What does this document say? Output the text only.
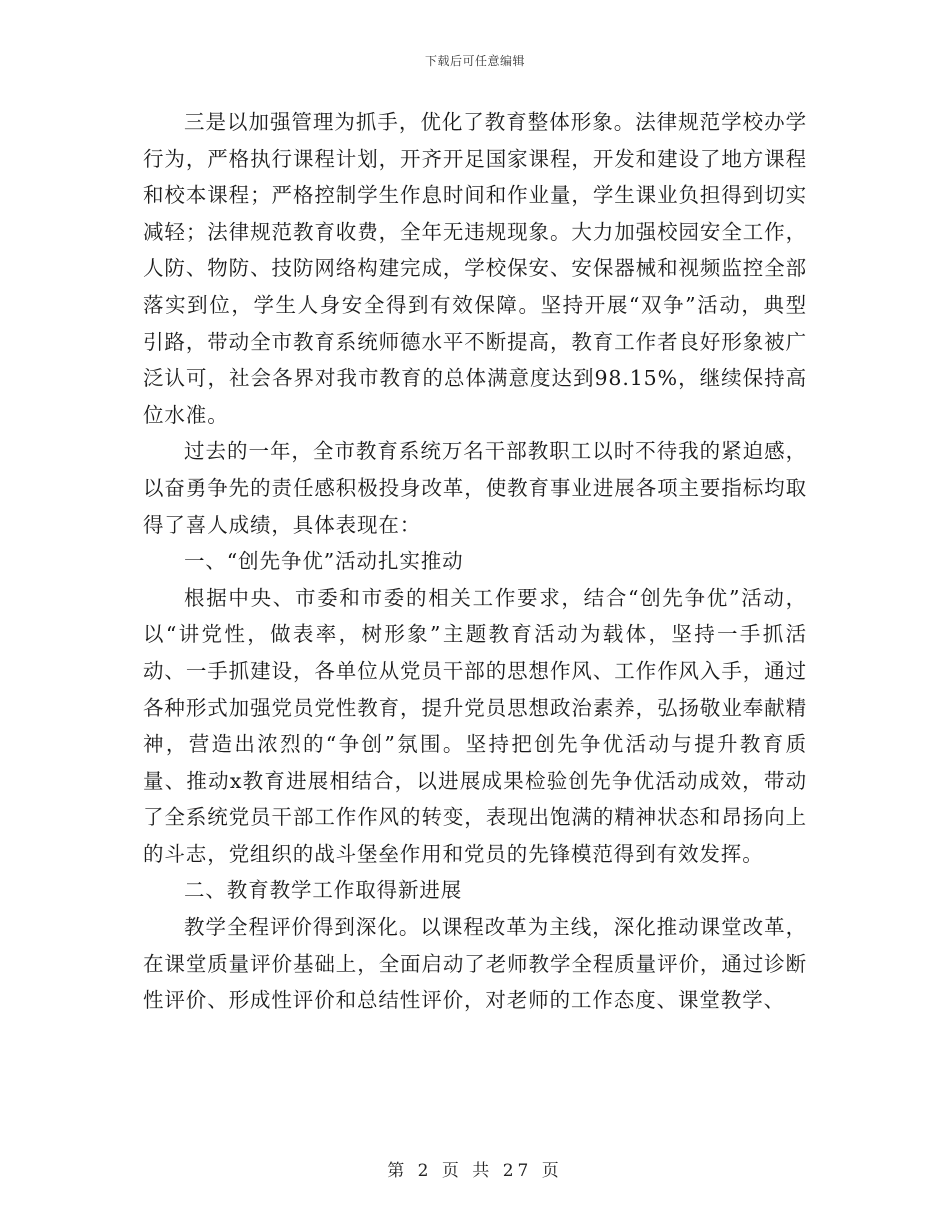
下载后可任意编辑

三是以加强管理为抓手，优化了教育整体形象。法律规范学校办学行为，严格执行课程计划，开齐开足国家课程，开发和建设了地方课程和校本课程；严格控制学生作息时间和作业量，学生课业负担得到切实减轻；法律规范教育收费，全年无违规现象。大力加强校园安全工作，人防、物防、技防网络构建完成，学校保安、安保器械和视频监控全部落实到位，学生人身安全得到有效保障。坚持开展“双争”活动，典型引路，带动全市教育系统师德水平不断提高，教育工作者良好形象被广泛认可，社会各界对我市教育的总体满意度达到98.15%，继续保持高位水准。

过去的一年，全市教育系统万名干部教职工以时不待我的紧迫感，以奋勇争先的责任感积极投身改革，使教育事业进展各项主要指标均取得了喜人成绩，具体表现在：

一、“创先争优”活动扎实推动

根据中央、市委和市委的相关工作要求，结合“创先争优”活动，以“讲党性，做表率，树形象”主题教育活动为载体，坚持一手抓活动、一手抓建设，各单位从党员干部的思想作风、工作作风入手，通过各种形式加强党员党性教育，提升党员思想政治素养，弘扬敬业奉献精神，营造出浓烈的“争创”氛围。坚持把创先争优活动与提升教育质量、推动x教育进展相结合，以进展成果检验创先争优活动成效，带动了全系统党员干部工作作风的转变，表现出饱满的精神状态和昂扬向上的斗志，党组织的战斗堡垒作用和党员的先锋模范得到有效发挥。

二、教育教学工作取得新进展

教学全程评价得到深化。以课程改革为主线，深化推动课堂改革，在课堂质量评价基础上，全面启动了老师教学全程质量评价，通过诊断性评价、形成性评价和总结性评价，对老师的工作态度、课堂教学、

第 2 页 共 27 页
